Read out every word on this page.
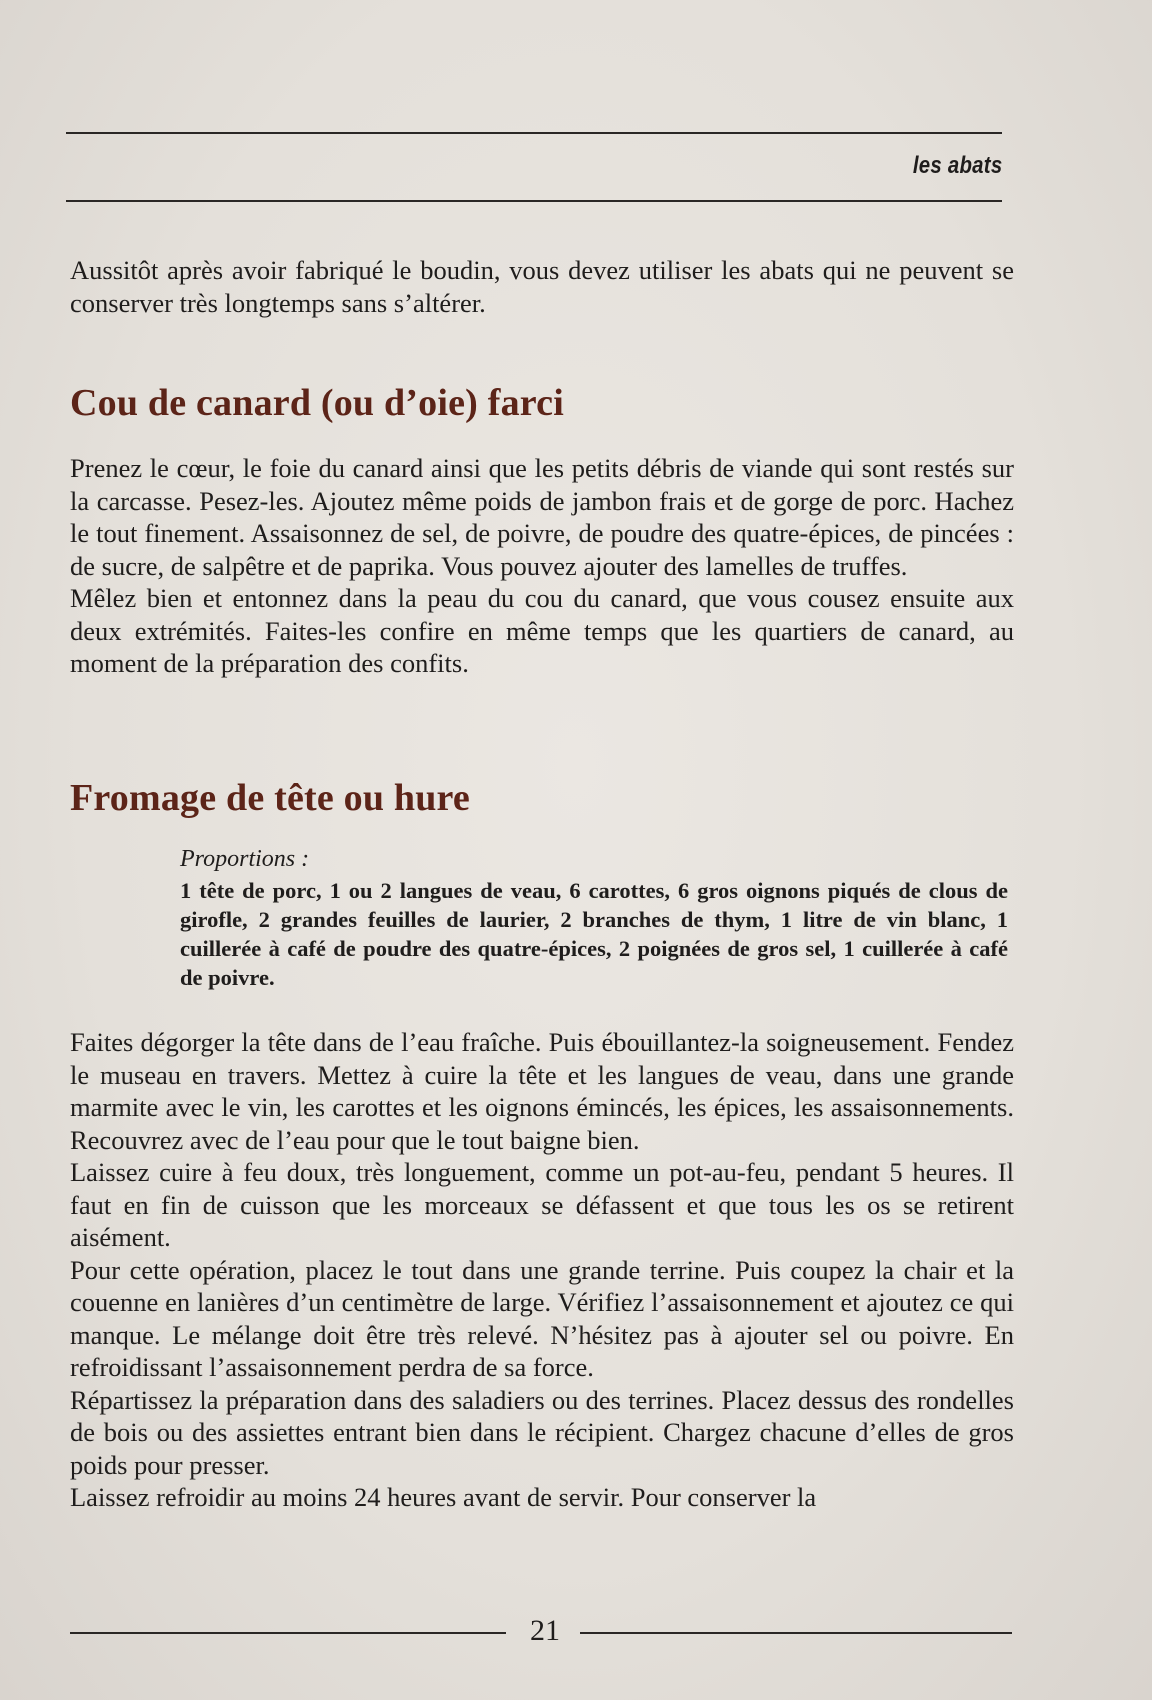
les abats

Aussitôt après avoir fabriqué le boudin, vous devez utiliser les abats qui ne peuvent se conserver très longtemps sans s’altérer.

Cou de canard (ou d’oie) farci

Prenez le cœur, le foie du canard ainsi que les petits débris de viande qui sont restés sur la carcasse. Pesez-les. Ajoutez même poids de jambon frais et de gorge de porc. Hachez le tout finement. Assaisonnez de sel, de poivre, de poudre des quatre-épices, de pincées : de sucre, de salpêtre et de paprika. Vous pouvez ajouter des lamelles de truffes.

Mêlez bien et entonnez dans la peau du cou du canard, que vous cousez ensuite aux deux extrémités. Faites-les confire en même temps que les quartiers de canard, au moment de la préparation des confits.

Fromage de tête ou hure
Proportions :

1 tête de porc, 1 ou 2 langues de veau, 6 carottes, 6 gros oignons piqués de clous de girofle, 2 grandes feuilles de laurier, 2 branches de thym, 1 litre de vin blanc, 1 cuillerée à café de poudre des quatre-épices, 2 poignées de gros sel, 1 cuillerée à café de poivre.

Faites dégorger la tête dans de l’eau fraîche. Puis ébouillantez-la soigneusement. Fendez le museau en travers. Mettez à cuire la tête et les langues de veau, dans une grande marmite avec le vin, les carottes et les oignons émincés, les épices, les assaisonnements. Recouvrez avec de l’eau pour que le tout baigne bien.

Laissez cuire à feu doux, très longuement, comme un pot-au-feu, pendant 5 heures. Il faut en fin de cuisson que les morceaux se défassent et que tous les os se retirent aisément.

Pour cette opération, placez le tout dans une grande terrine. Puis coupez la chair et la couenne en lanières d’un centimètre de large. Vérifiez l’assaisonnement et ajoutez ce qui manque. Le mélange doit être très relevé. N’hésitez pas à ajouter sel ou poivre. En refroidissant l’assaisonnement perdra de sa force.

Répartissez la préparation dans des saladiers ou des terrines. Placez dessus des rondelles de bois ou des assiettes entrant bien dans le récipient. Chargez chacune d’elles de gros poids pour presser.

Laissez refroidir au moins 24 heures avant de servir. Pour conserver la

21
